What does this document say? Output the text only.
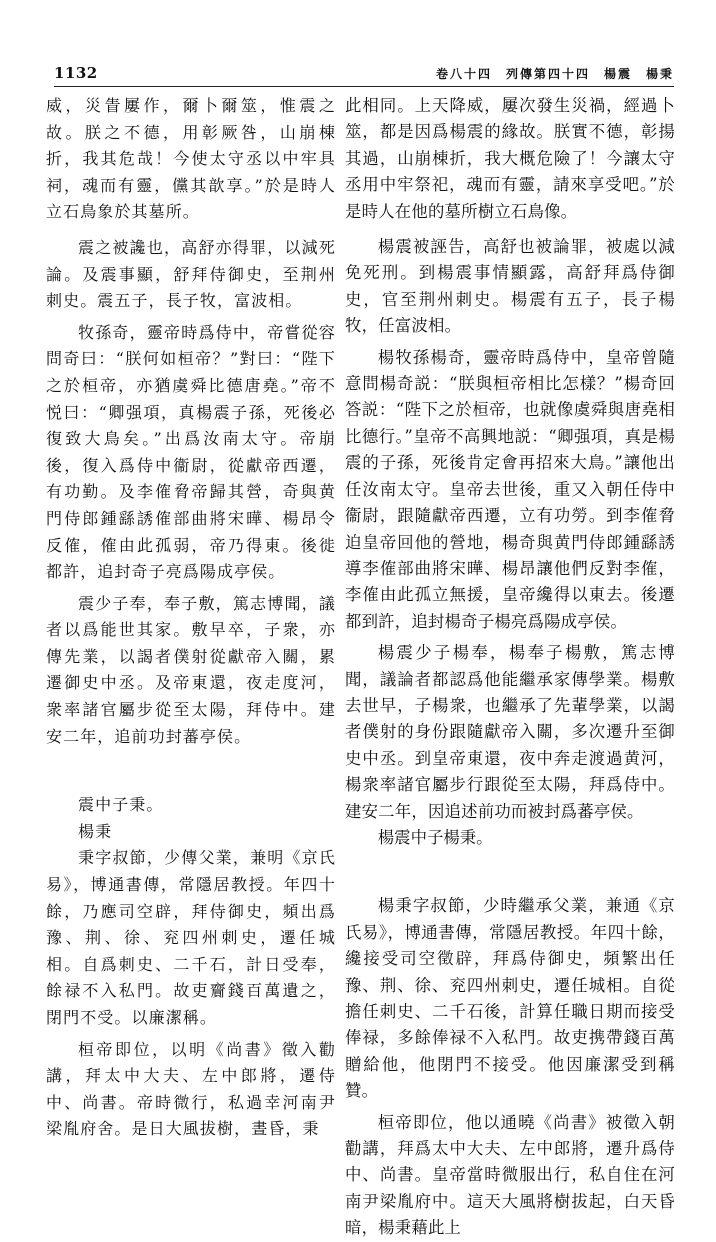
1132	卷八十四　列傳第四十四　楊震　楊秉

威，災眚屢作，爾卜爾筮，惟震之故。朕之不德，用彰厥咎，山崩棟折，我其危哉！今使太守丞以中牢具祠，魂而有靈，儻其歆享。”於是時人立石鳥象於其墓所。

震之被讒也，高舒亦得罪，以減死論。及震事顯，舒拜侍御史，至荆州刺史。震五子，長子牧，富波相。

牧孫奇，靈帝時爲侍中，帝嘗從容問奇曰：“朕何如桓帝？”對曰：“陛下之於桓帝，亦猶虞舜比德唐堯。”帝不悦曰：“卿强項，真楊震子孫，死後必復致大鳥矣。”出爲汝南太守。帝崩後，復入爲侍中衞尉，從獻帝西遷，有功勤。及李傕脅帝歸其營，奇與黄門侍郎鍾繇誘傕部曲將宋曄、楊昂令反傕，傕由此孤弱，帝乃得東。後徙都許，追封奇子亮爲陽成亭侯。

震少子奉，奉子敷，篤志博聞，議者以爲能世其家。敷早卒，子衆，亦傳先業，以謁者僕射從獻帝入關，累遷御史中丞。及帝東還，夜走度河，衆率諸官屬步從至太陽，拜侍中。建安二年，追前功封蕃亭侯。

震中子秉。

楊秉

秉字叔節，少傳父業，兼明《京氏易》，博通書傳，常隱居教授。年四十餘，乃應司空辟，拜侍御史，頻出爲豫、荆、徐、兖四州刺史，遷任城相。自爲刺史、二千石，計日受奉，餘禄不入私門。故吏齎錢百萬遺之，閉門不受。以廉潔稱。

桓帝即位，以明《尚書》徵入勸講，拜太中大夫、左中郎將，遷侍中、尚書。帝時微行，私過幸河南尹梁胤府舍。是日大風拔樹，晝昏，秉

此相同。上天降威，屢次發生災禍，經過卜筮，都是因爲楊震的緣故。朕實不德，彰揚其過，山崩棟折，我大概危險了！今讓太守丞用中牢祭祀，魂而有靈，請來享受吧。”於是時人在他的墓所樹立石鳥像。

楊震被誣告，高舒也被論罪，被處以減免死刑。到楊震事情顯露，高舒拜爲侍御史，官至荆州刺史。楊震有五子，長子楊牧，任富波相。

楊牧孫楊奇，靈帝時爲侍中，皇帝曾隨意問楊奇説：“朕與桓帝相比怎樣？”楊奇回答説：“陛下之於桓帝，也就像虞舜與唐堯相比德行。”皇帝不高興地説：“卿强項，真是楊震的子孫，死後肯定會再招來大鳥。”讓他出任汝南太守。皇帝去世後，重又入朝任侍中衞尉，跟隨獻帝西遷，立有功勞。到李傕脅迫皇帝回他的營地，楊奇與黄門侍郎鍾繇誘導李傕部曲將宋曄、楊昂讓他們反對李傕，李傕由此孤立無援，皇帝纔得以東去。後遷都到許，追封楊奇子楊亮爲陽成亭侯。

楊震少子楊奉，楊奉子楊敷，篤志博聞，議論者都認爲他能繼承家傳學業。楊敷去世早，子楊衆，也繼承了先輩學業，以謁者僕射的身份跟隨獻帝入關，多次遷升至御史中丞。到皇帝東還，夜中奔走渡過黄河，楊衆率諸官屬步行跟從至太陽，拜爲侍中。建安二年，因追述前功而被封爲蕃亭侯。

楊震中子楊秉。

楊秉字叔節，少時繼承父業，兼通《京氏易》，博通書傳，常隱居教授。年四十餘，纔接受司空徵辟，拜爲侍御史，頻繁出任豫、荆、徐、兖四州刺史，遷任城相。自從擔任刺史、二千石後，計算任職日期而接受俸禄，多餘俸禄不入私門。故吏携帶錢百萬贈給他，他閉門不接受。他因廉潔受到稱贊。

桓帝即位，他以通曉《尚書》被徵入朝勸講，拜爲太中大夫、左中郎將，遷升爲侍中、尚書。皇帝當時微服出行，私自住在河南尹梁胤府中。這天大風將樹拔起，白天昏暗，楊秉藉此上
